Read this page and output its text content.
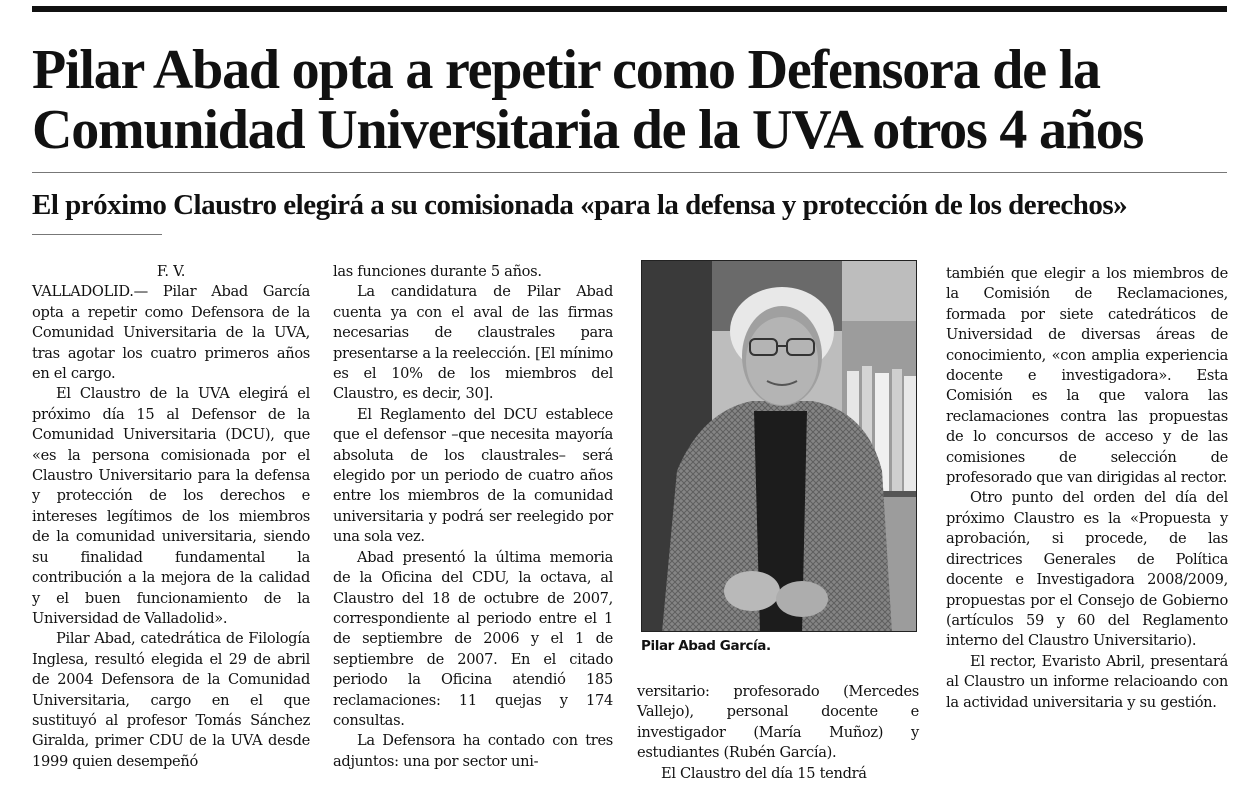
Pilar Abad opta a repetir como Defensora de la
Comunidad Universitaria de la UVA otros 4 años
El próximo Claustro elegirá a su comisionada «para la defensa y protección de los derechos»

F. V.

VALLADOLID.— Pilar Abad García opta a repetir como Defensora de la Comunidad Universitaria de la UVA, tras agotar los cuatro primeros años en el cargo.

El Claustro de la UVA elegirá el próximo día 15 al Defensor de la Comunidad Universitaria (DCU), que «es la persona comisionada por el Claustro Universitario para la defensa y protección de los derechos e intereses legítimos de los miembros de la comunidad universitaria, siendo su finalidad fundamental la contribución a la mejora de la calidad y el buen funcionamiento de la Universidad de Valladolid».

Pilar Abad, catedrática de Filología Inglesa, resultó elegida el 29 de abril de 2004 Defensora de la Comunidad Universitaria, cargo en el que sustituyó al profesor Tomás Sánchez Giralda, primer CDU de la UVA desde 1999 quien desempeñó

las funciones durante 5 años.

La candidatura de Pilar Abad cuenta ya con el aval de las firmas necesarias de claustrales para presentarse a la reelección. [El mínimo es el 10% de los miembros del Claustro, es decir, 30].

El Reglamento del DCU establece que el defensor –que necesita mayoría absoluta de los claustrales– será elegido por un periodo de cuatro años entre los miembros de la comunidad universitaria y podrá ser reelegido por una sola vez.

Abad presentó la última memoria de la Oficina del CDU, la octava, al Claustro del 18 de octubre de 2007, correspondiente al periodo entre el 1 de septiembre de 2006 y el 1 de septiembre de 2007. En el citado periodo la Oficina atendió 185 reclamaciones: 11 quejas y 174 consultas.

La Defensora ha contado con tres adjuntos: una por sector uni-

Pilar Abad García.

versitario: profesorado (Mercedes Vallejo), personal docente e investigador (María Muñoz) y estudiantes (Rubén García).

El Claustro del día 15 tendrá

también que elegir a los miembros de la Comisión de Reclamaciones, formada por siete catedráticos de Universidad de diversas áreas de conocimiento, «con amplia experiencia docente e investigadora». Esta Comisión es la que valora las reclamaciones contra las propuestas de lo concursos de acceso y de las comisiones de selección de profesorado que van dirigidas al rector.

Otro punto del orden del día del próximo Claustro es la «Propuesta y aprobación, si procede, de las directrices Generales de Política docente e Investigadora 2008/2009, propuestas por el Consejo de Gobierno (artículos 59 y 60 del Reglamento interno del Claustro Universitario).

El rector, Evaristo Abril, presentará al Claustro un informe relacioando con la actividad universitaria y su gestión.
